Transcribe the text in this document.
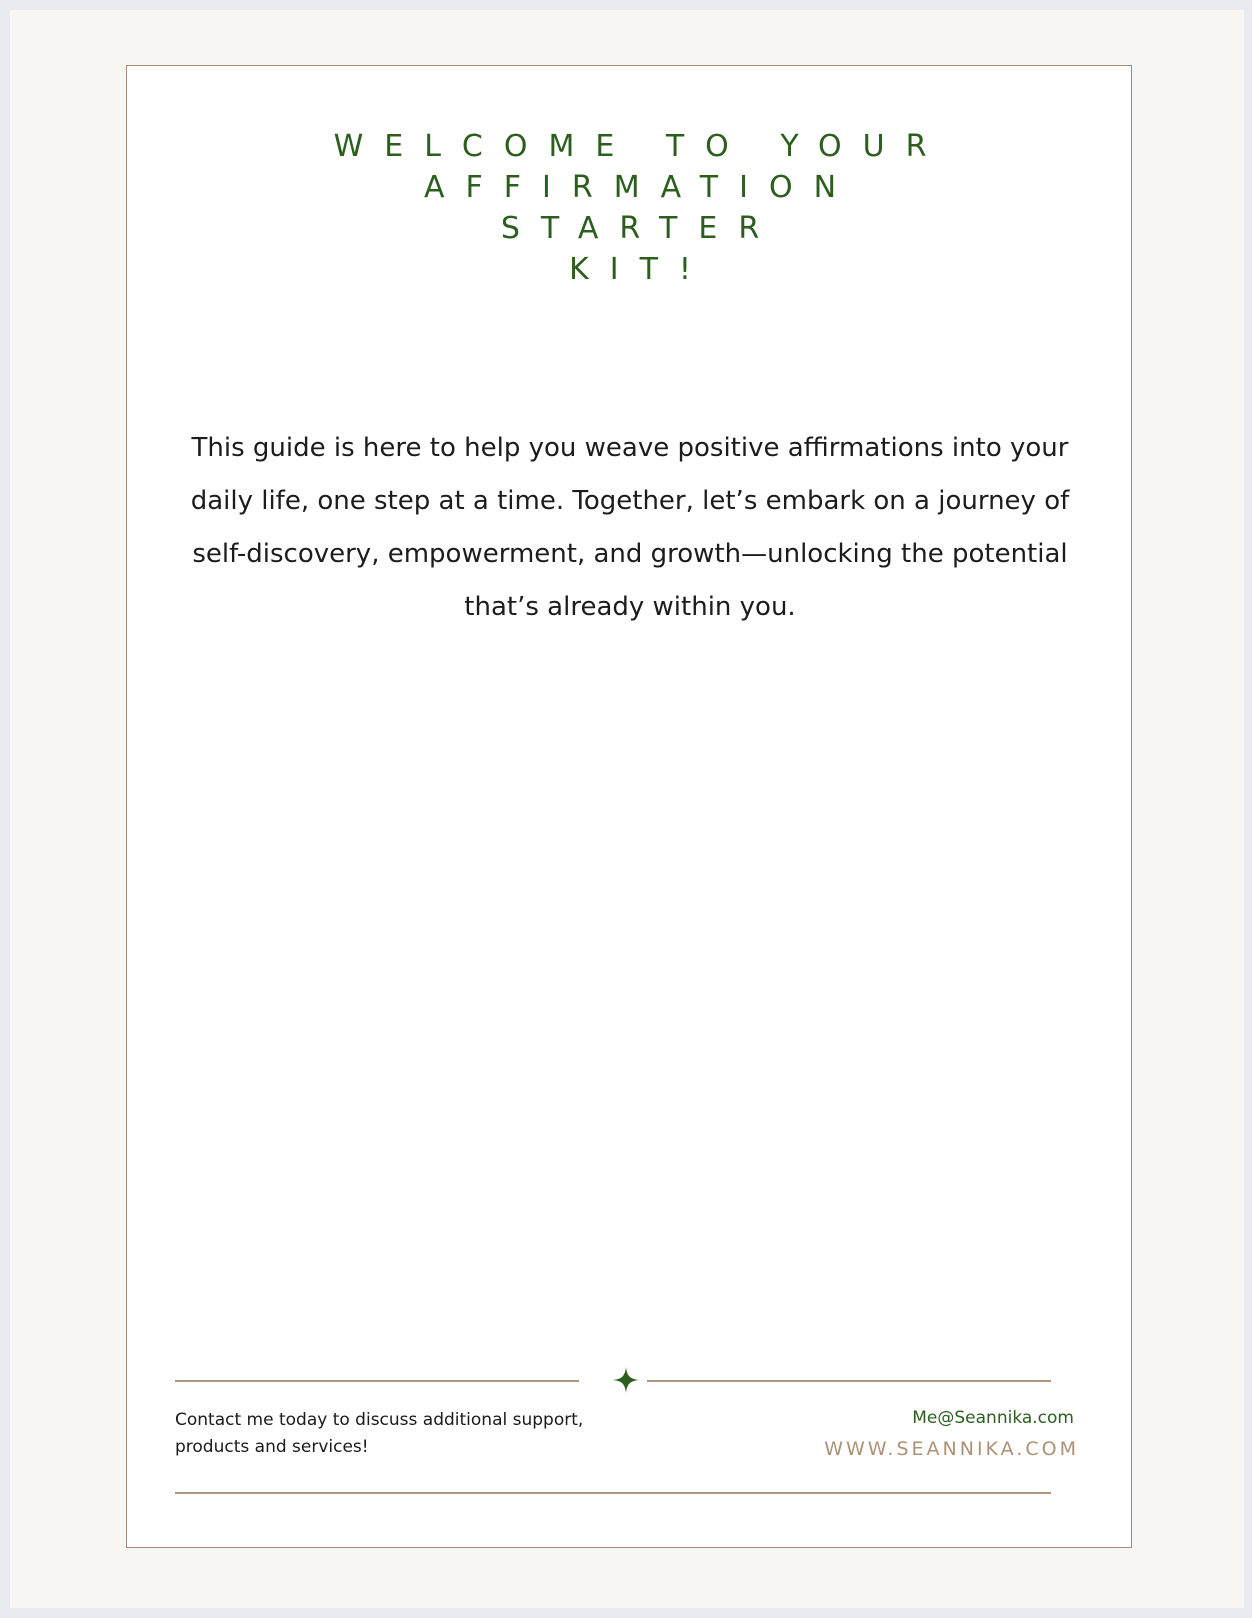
WELCOME TO YOUR
AFFIRMATION
STARTER
KIT!

This guide is here to help you weave positive affirmations into your daily life, one step at a time. Together, let’s embark on a journey of self-discovery, empowerment, and growth—unlocking the potential that’s already within you.

Contact me today to discuss additional support, products and services!

Me@Seannika.com
WWW.SEANNIKA.COM
